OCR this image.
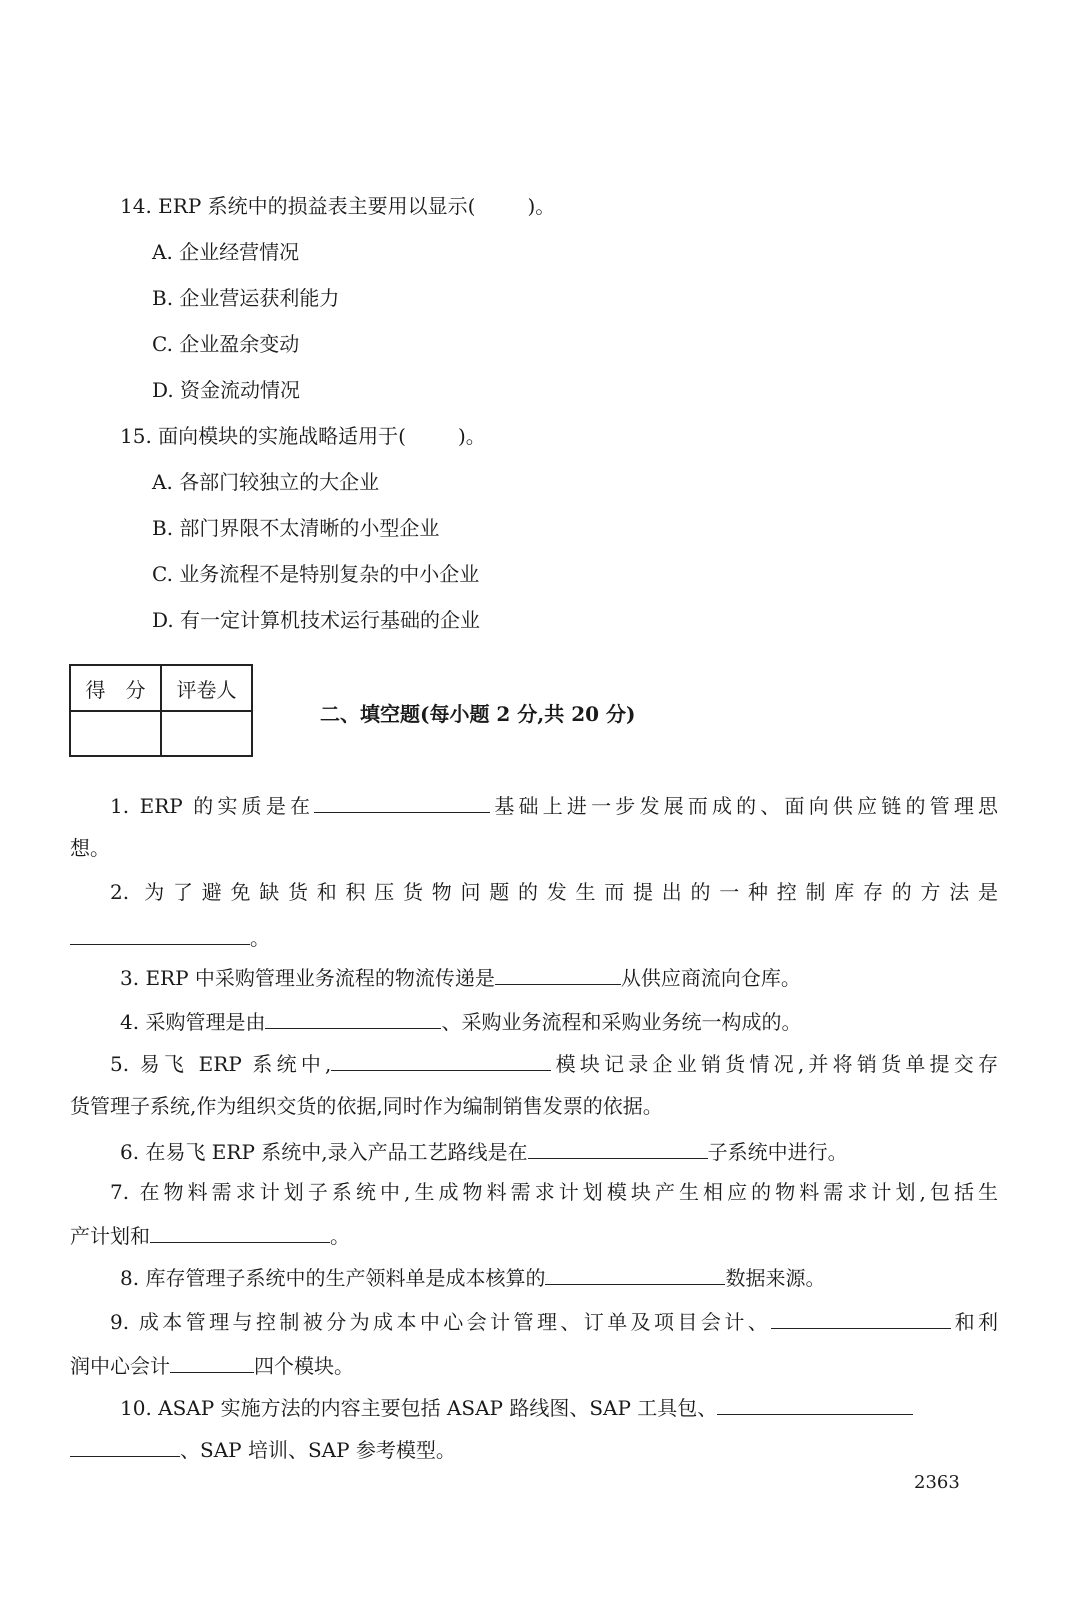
14. ERP 系统中的损益表主要用以显示(	)。
A. 企业经营情况
B. 企业营运获利能力
C. 企业盈余变动
D. 资金流动情况
15. 面向模块的实施战略适用于(	)。
A. 各部门较独立的大企业
B. 部门界限不太清晰的小型企业
C. 业务流程不是特别复杂的中小企业
D. 有一定计算机技术运行基础的企业
得　分	评卷人

二、填空题(每小题 2 分,共 20 分)
1. ERP 的实质是在	基础上进一步发展而成的、面向供应链的管理思
想。
2. 为了避免缺货和积压货物问题的发生而提出的一种控制库存的方法是
。
3. ERP 中采购管理业务流程的物流传递是	从供应商流向仓库。
4. 采购管理是由	、采购业务流程和采购业务统一构成的。
5. 易飞 ERP 系统中,	模块记录企业销货情况,并将销货单提交存
货管理子系统,作为组织交货的依据,同时作为编制销售发票的依据。
6. 在易飞 ERP 系统中,录入产品工艺路线是在	子系统中进行。
7. 在物料需求计划子系统中,生成物料需求计划模块产生相应的物料需求计划,包括生
产计划和	。
8. 库存管理子系统中的生产领料单是成本核算的	数据来源。
9. 成本管理与控制被分为成本中心会计管理、订单及项目会计、	和利
润中心会计	四个模块。
10. ASAP 实施方法的内容主要包括 ASAP 路线图、SAP 工具包、
、SAP 培训、SAP 参考模型。
2363
